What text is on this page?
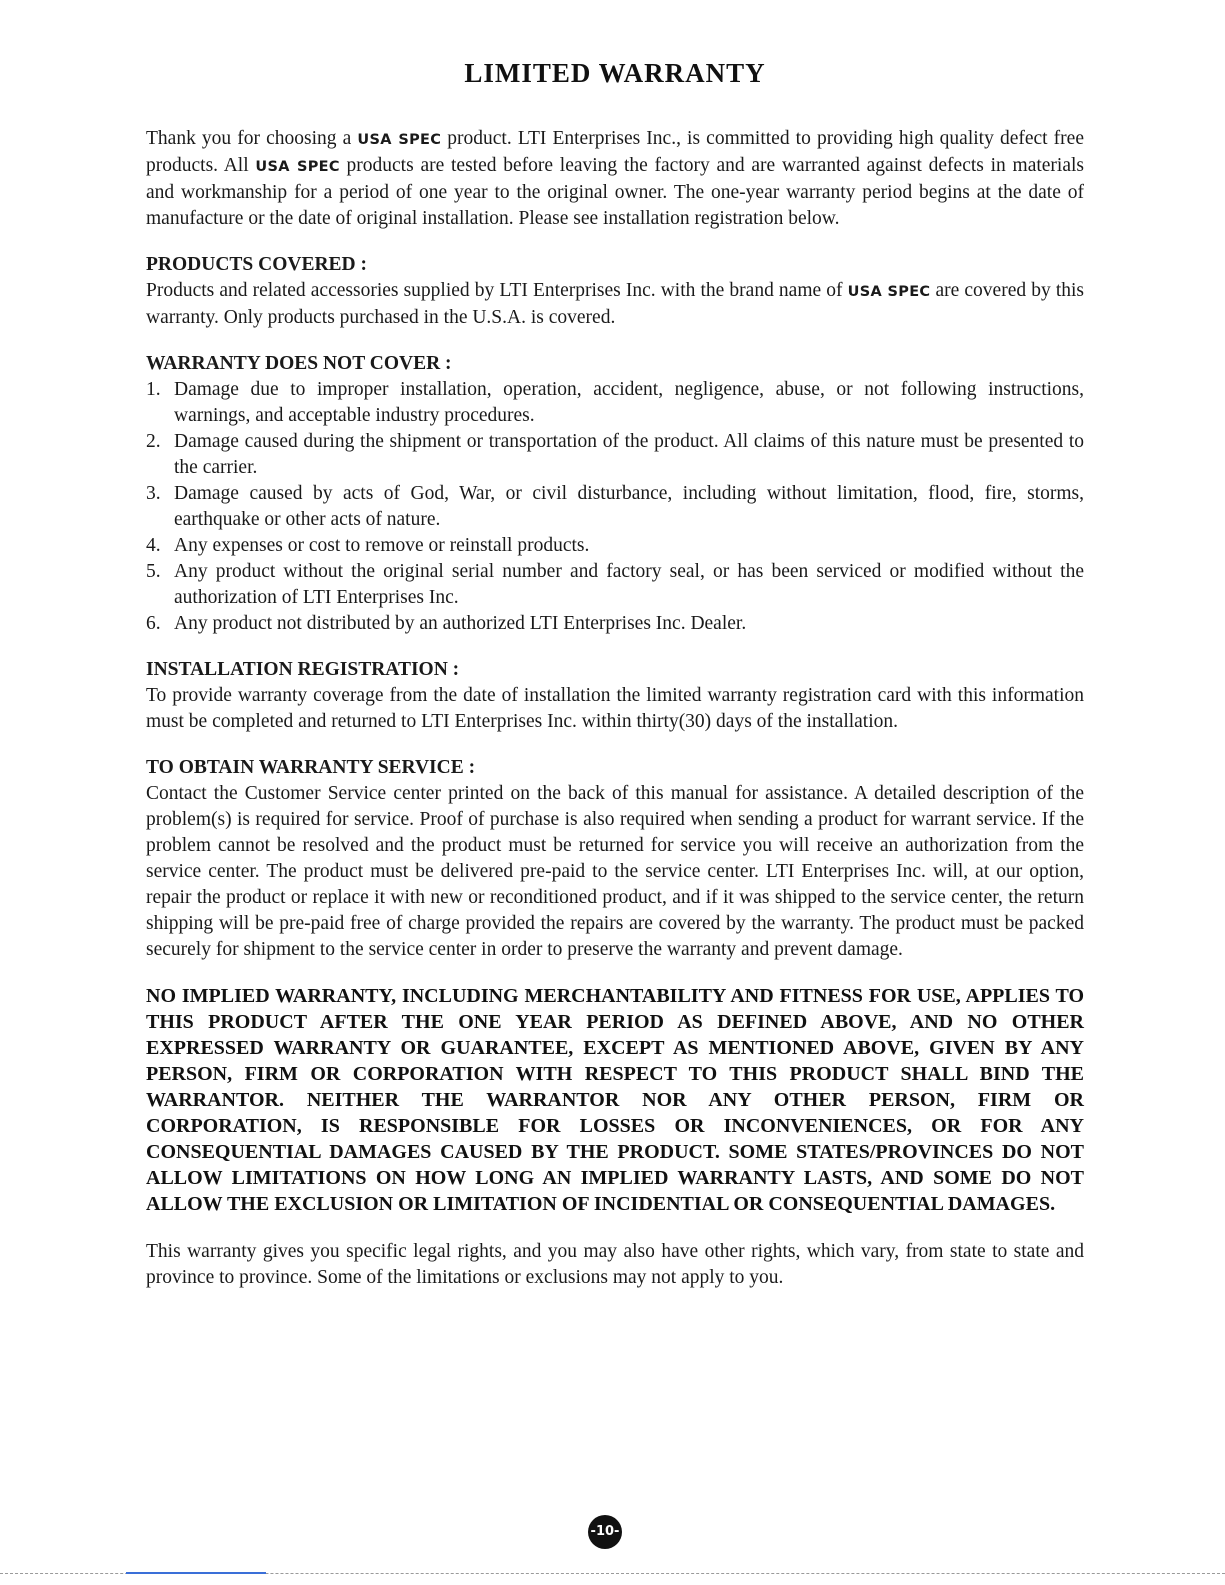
LIMITED WARRANTY

Thank you for choosing a USA SPEC product. LTI Enterprises Inc., is committed to providing high quality defect free products. All USA SPEC products are tested before leaving the factory and are warranted against defects in materials and workmanship for a period of one year to the original owner. The one-year warranty period begins at the date of manufacture or the date of original installation. Please see installation registration below.

PRODUCTS COVERED :

Products and related accessories supplied by LTI Enterprises Inc. with the brand name of USA SPEC are covered by this warranty. Only products purchased in the U.S.A. is covered.

WARRANTY DOES NOT COVER :
1. Damage due to improper installation, operation, accident, negligence, abuse, or not following instructions, warnings, and acceptable industry procedures.
2. Damage caused during the shipment or transportation of the product. All claims of this nature must be presented to the carrier.
3. Damage caused by acts of God, War, or civil disturbance, including without limitation, flood, fire, storms, earthquake or other acts of nature.
4. Any expenses or cost to remove or reinstall products.
5. Any product without the original serial number and factory seal, or has been serviced or modified without the authorization of LTI Enterprises Inc.
6. Any product not distributed by an authorized LTI Enterprises Inc. Dealer.
INSTALLATION REGISTRATION :

To provide warranty coverage from the date of installation the limited warranty registration card with this information must be completed and returned to LTI Enterprises Inc. within thirty(30) days of the installation.

TO OBTAIN WARRANTY SERVICE :

Contact the Customer Service center printed on the back of this manual for assistance. A detailed description of the problem(s) is required for service. Proof of purchase is also required when sending a product for warrant service. If the problem cannot be resolved and the product must be returned for service you will receive an authorization from the service center. The product must be delivered pre-paid to the service center. LTI Enterprises Inc. will, at our option, repair the product or replace it with new or reconditioned product, and if it was shipped to the service center, the return shipping will be pre-paid free of charge provided the repairs are covered by the warranty. The product must be packed securely for shipment to the service center in order to preserve the warranty and prevent damage.

NO IMPLIED WARRANTY, INCLUDING MERCHANTABILITY AND FITNESS FOR USE, APPLIES TO THIS PRODUCT AFTER THE ONE YEAR PERIOD AS DEFINED ABOVE, AND NO OTHER EXPRESSED WARRANTY OR GUARANTEE, EXCEPT AS MENTIONED ABOVE, GIVEN BY ANY PERSON, FIRM OR CORPORATION WITH RESPECT TO THIS PRODUCT SHALL BIND THE WARRANTOR. NEITHER THE WARRANTOR NOR ANY OTHER PERSON, FIRM OR CORPORATION, IS RESPONSIBLE FOR LOSSES OR INCONVENIENCES, OR FOR ANY CONSEQUENTIAL DAMAGES CAUSED BY THE PRODUCT. SOME STATES/PROVINCES DO NOT ALLOW LIMITATIONS ON HOW LONG AN IMPLIED WARRANTY LASTS, AND SOME DO NOT ALLOW THE EXCLUSION OR LIMITATION OF INCIDENTIAL OR CONSEQUENTIAL DAMAGES.

This warranty gives you specific legal rights, and you may also have other rights, which vary, from state to state and province to province. Some of the limitations or exclusions may not apply to you.

-10-
